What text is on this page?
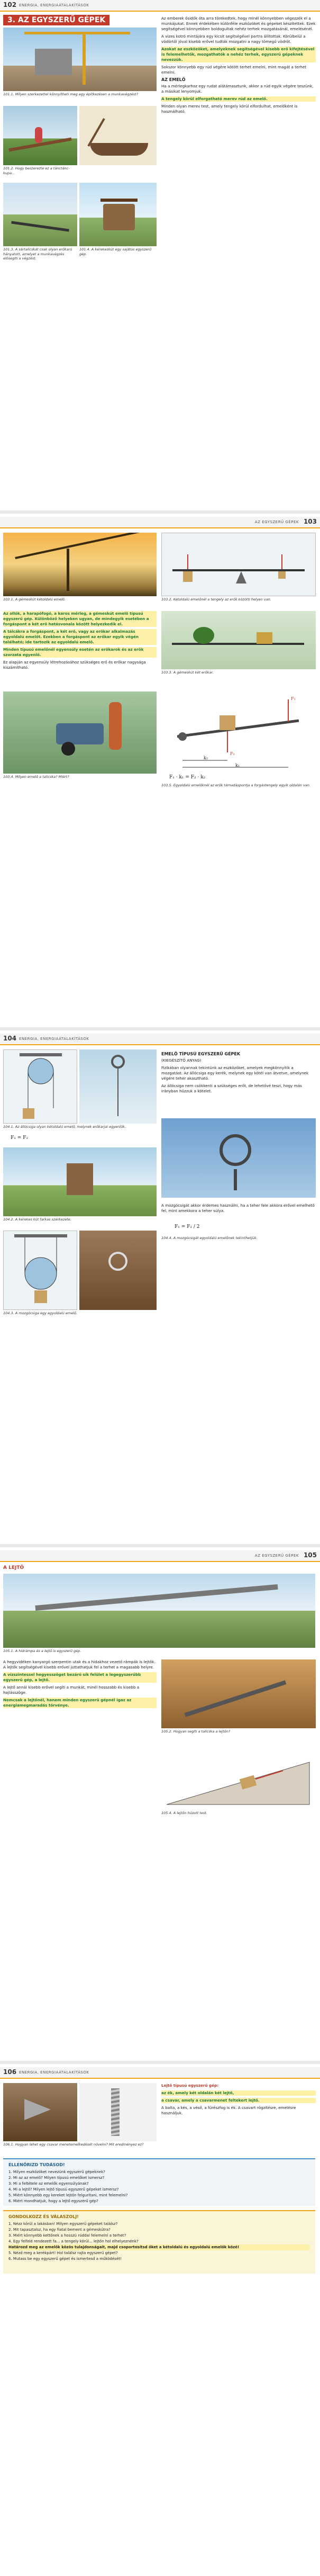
102 ENERGIA, ENERGIAÁTALAKÍTÁSOK
3. AZ EGYSZERŰ GÉPEK
101.1. Milyen szerkezettel könnyítheti meg egy építkezésen a munkavégzést?
101.2. Hogy beszerezte ez a tánctánc-kupa...
101.3. A sártalicskát csak olyan erőkarú hányatott, amelyet a munkavégzés elősegíti a végzést.
101.4. A kerekeskút egy sajátos egyszerű gép.

Az emberek ősidők óta arra törekedtek, hogy minél könnyebben végezzék el a munkájukat. Ennek érdekében különféle eszközöket és gépeket készítettek. Ezek segítségével könnyebben boldogultak nehéz terhek mozgatásánál, emelésénél.

A vizes kotró mintájára egy kicsit segítségével partra állítottak. Körülbelül a vödörtől jóval kisebb erővel tudták mozgatni a nagy tömegű vödröt.

Azokat az eszközöket, amelyeknek segítségével kisebb erő kifejtésével is felemelhetők, mozgathatók a nehéz terhek, egyszerű gépeknek nevezzük.

Sokszor könnyebb egy rúd végére kötött terhet emelni, mint magát a terhet emelni.

AZ EMELŐ

Ha a mérlegkarhoz egy rudat alátámasztunk, akkor a rúd egyik végére teszünk, a másikat lenyomjuk.

A tengely körül elforgatható merev rúd az emelő.

Minden olyan merev test, amely tengely körül elfordulhat, emelőként is használható.

AZ EGYSZERŰ GÉPEK 103
103.1. A gémeskút kétoldalú emelő.	103.2. Kétoldalú emelőnél a tengely az erők közötti helyen van.

Az ollók, a harapófogó, a karos mérleg, a gémeskút emelő típusú egyszerű gép. Különböző helyeken ugyan, de mindegyik esetében a forgáspont a két erő hatásvonala között helyezkedik el.

A tálcákra a forgáspont, a két erő, vagy az erőkar alkalmazás egyoldalú emelőt. Ezekben a forgáspont az erőkar egyik végén található; ide tartozik az egyoldalú emelő.

Minden típusú emelőnél egyensúly esetén az erőkarok és az erők szorzata egyenlő.

Ez alapján az egyensúly létrehozásához szükséges erő és erőkar nagysága kiszámítható.

103.3. A gémeskút két erőkar.
103.4. Milyen emelő a talicska? Miért?
F₁
F₂
k₂
k₁
F₁ · k₁ = F₂ · k₂
103.5. Egyoldalú emelőknél az erők támadáspontja a forgástengely egyik oldalán van.
104 ENERGIA, ENERGIAÁTALAKÍTÁSOK
104.1. Az állócsiga olyan kétoldalú emelő, melynek erőkarjai egyenlők.
F₁ = F₂
104.2. A kerekes kút farkas szerkezete.
104.3. A mozgócsiga egy egyoldalú emelő.
EMELŐ TÍPUSÚ EGYSZERŰ GÉPEK

(KIEGÉSZÍTŐ ANYAG)

Fizikában olyannak tekintünk az eszközöket, amelyek megkönnyítik a mozgatást. Az állócsiga egy kerék, melynek egy kötél van átvetve, amelynek végére teher akasztható.

Az állócsiga nem csökkenti a szükséges erőt, de lehetővé teszi, hogy más irányban húzzuk a kötelet.

A mozgócsigát akkor érdemes használni, ha a teher fele akkora erővel emelhető fel, mint amekkora a teher súlya.

F₁ = F₂ / 2
104.4. A mozgócsigát egyoldalú emelőnek tekinthetjük.
AZ EGYSZERŰ GÉPEK 105
A LEJTŐ
105.1. A hídrámpa és a lejtő is egyszerű gép.

A hegyvidéken kanyargó szerpentin utak és a hidakhoz vezető rámpák is lejtők. A lejtők segítségével kisebb erővel juttathatjuk fel a terhet a magasabb helyre.

A vízszintessel hegyesszöget bezáró sík felület a legegyszerűbb egyszerű gép, a lejtő.

A lejtő annál kisebb erővel segíti a munkát, minél hosszabb és kisebb a hajlásszöge.

Nemcsak a lejtőnél, hanem minden egyszerű gépnél igaz az energiamegmaradás törvénye.

105.2. Hogyan segíti a talicska a lejtőn?
105.4. A lejtőn húzott test.
106 ENERGIA, ENERGIAÁTALAKÍTÁSOK
106.1. Hogyan lehet egy csavar menetemelkedését növelni? Mit eredményez ez?

Lejtő típusú egyszerű gép:

az ék, amely két oldalán két lejtő,

a csavar, amely a csavarmenet feltekert lejtő.

A balta, a kés, a véső, a fűrészfog is ék. A csavart rögzítésre, emelésre használjuk.

ELLENŐRIZD TUDÁSOD!
1. Milyen eszközöket nevezünk egyszerű gépeknek?
2. Mi az az emelő? Milyen típusú emelőket ismersz?
3. Mi a feltétele az emelők egyensúlyának?
4. Mi a lejtő? Milyen lejtő típusú egyszerű gépeket ismersz?
5. Miért könnyebb egy kereket lejtőn felgurítani, mint felemelni?
6. Miért mondhatjuk, hogy a lejtő egyszerű gép?
GONDOLKOZZ ÉS VÁLASZOLJ!
1. Nézz körül a lakásban! Milyen egyszerű gépeket találsz?
2. Mit tapasztalsz, ha egy fiatal bement a gémeskútra?
3. Miért könnyebb kettőnek a hosszú rúddal felemelni a terhet?
4. Egy felfelé rendezett fa... a tengely körül... lejtőn hol elhelyeznénk?
Határozd meg az emelők közös tulajdonságait, majd csoportosítsd őket a kétoldalú és egyoldalú emelők közé!
5. Nézd meg a kerékpárt! Hol találsz rajta egyszerű gépet?
6. Mutass be egy egyszerű gépet és ismertesd a működését!
